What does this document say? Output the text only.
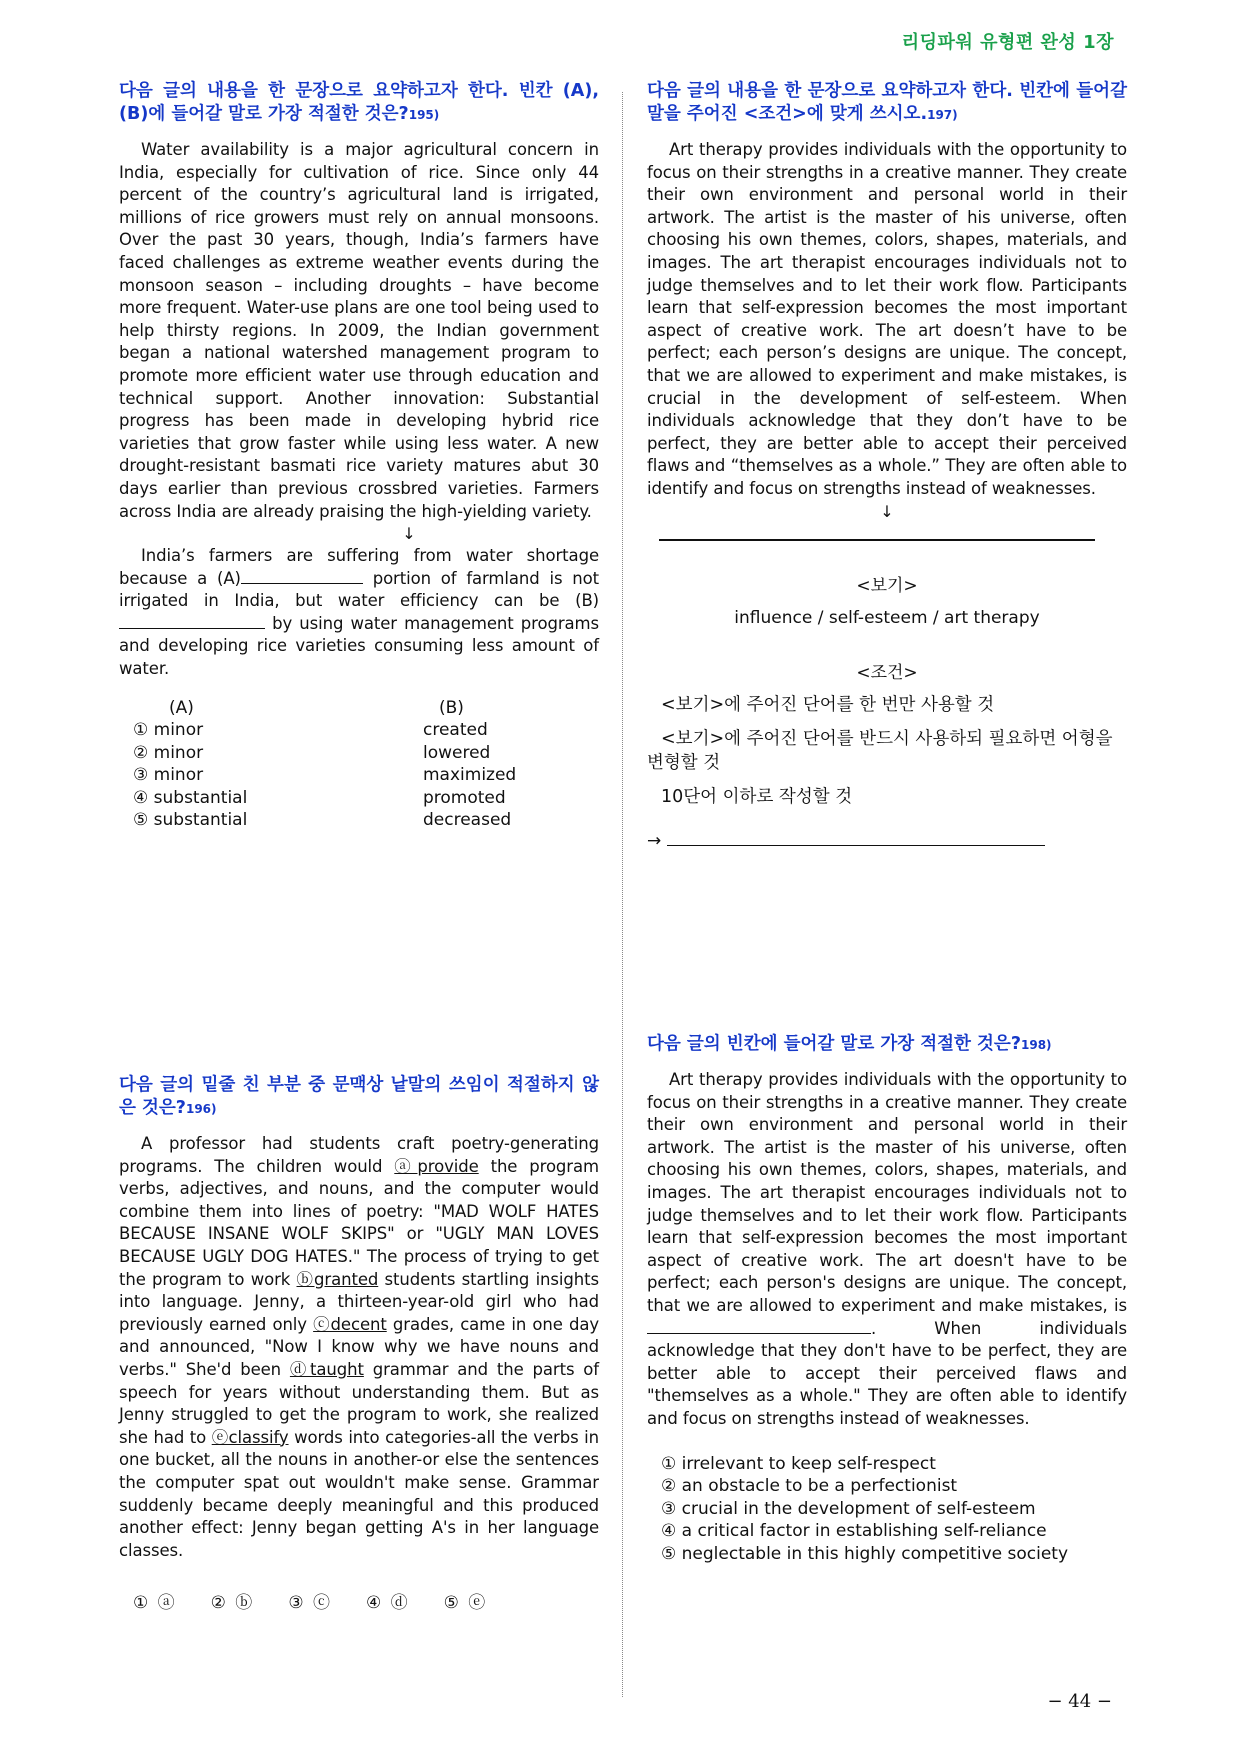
리딩파워 유형편 완성 1장

다음 글의 내용을 한 문장으로 요약하고자 한다. 빈칸 (A), (B)에 들어갈 말로 가장 적절한 것은?195)

Water availability is a major agricultural concern in India, especially for cultivation of rice. Since only 44 percent of the country’s agricultural land is irrigated, millions of rice growers must rely on annual monsoons. Over the past 30 years, though, India’s farmers have faced challenges as extreme weather events during the monsoon season – including droughts – have become more frequent. Water-use plans are one tool being used to help thirsty regions. In 2009, the Indian government began a national watershed management program to promote more efficient water use through education and technical support. Another innovation: Substantial progress has been made in developing hybrid rice varieties that grow faster while using less water. A new drought-resistant basmati rice variety matures abut 30 days earlier than previous crossbred varieties. Farmers across India are already praising the high-yielding variety.

↓

India’s farmers are suffering from water shortage because a (A)	portion of farmland is not irrigated in India, but water efficiency can be (B) by using water management programs and developing rice varieties consuming less amount of water.

(A)	(B)
① minor	created
② minor	lowered
③ minor	maximized
④ substantial	promoted
⑤ substantial	decreased

다음 글의 밑줄 친 부분 중 문맥상 낱말의 쓰임이 적절하지 않은 것은?196)

A professor had students craft poetry-generating programs. The children would ⓐprovide the program verbs, adjectives, and nouns, and the computer would combine them into lines of poetry: "MAD WOLF HATES BECAUSE INSANE WOLF SKIPS" or "UGLY MAN LOVES BECAUSE UGLY DOG HATES." The process of trying to get the program to work ⓑgranted students startling insights into language. Jenny, a thirteen-year-old girl who had previously earned only ⓒdecent grades, came in one day and announced, "Now I know why we have nouns and verbs." She'd been ⓓtaught grammar and the parts of speech for years without understanding them. But as Jenny struggled to get the program to work, she realized she had to ⓔclassify words into categories-all the verbs in one bucket, all the nouns in another-or else the sentences the computer spat out wouldn't make sense. Grammar suddenly became deeply meaningful and this produced another effect: Jenny began getting A's in her language classes.

① ⓐ ② ⓑ ③ ⓒ ④ ⓓ ⑤ ⓔ

다음 글의 내용을 한 문장으로 요약하고자 한다. 빈칸에 들어갈 말을 주어진 <조건>에 맞게 쓰시오.197)

Art therapy provides individuals with the opportunity to focus on their strengths in a creative manner. They create their own environment and personal world in their artwork. The artist is the master of his universe, often choosing his own themes, colors, shapes, materials, and images. The art therapist encourages individuals not to judge themselves and to let their work flow. Participants learn that self-expression becomes the most important aspect of creative work. The art doesn’t have to be perfect; each person’s designs are unique. The concept, that we are allowed to experiment and make mistakes, is crucial in the development of self-esteem. When individuals acknowledge that they don’t have to be perfect, they are better able to accept their perceived flaws and “themselves as a whole.” They are often able to identify and focus on strengths instead of weaknesses.

↓
<보기>
influence / self-esteem / art therapy
<조건>
<보기>에 주어진 단어를 한 번만 사용할 것
<보기>에 주어진 단어를 반드시 사용하되 필요하면 어형을 변형할 것
10단어 이하로 작성할 것
→

다음 글의 빈칸에 들어갈 말로 가장 적절한 것은?198)

Art therapy provides individuals with the opportunity to focus on their strengths in a creative manner. They create their own environment and personal world in their artwork. The artist is the master of his universe, often choosing his own themes, colors, shapes, materials, and images. The art therapist encourages individuals not to judge themselves and to let their work flow. Participants learn that self-expression becomes the most important aspect of creative work. The art doesn't have to be perfect; each person's designs are unique. The concept, that we are allowed to experiment and make mistakes, is . When individuals acknowledge that they don't have to be perfect, they are better able to accept their perceived flaws and "themselves as a whole." They are often able to identify and focus on strengths instead of weaknesses.

① irrelevant to keep self-respect
② an obstacle to be a perfectionist
③ crucial in the development of self-esteem
④ a critical factor in establishing self-reliance
⑤ neglectable in this highly competitive society
− 44 −
